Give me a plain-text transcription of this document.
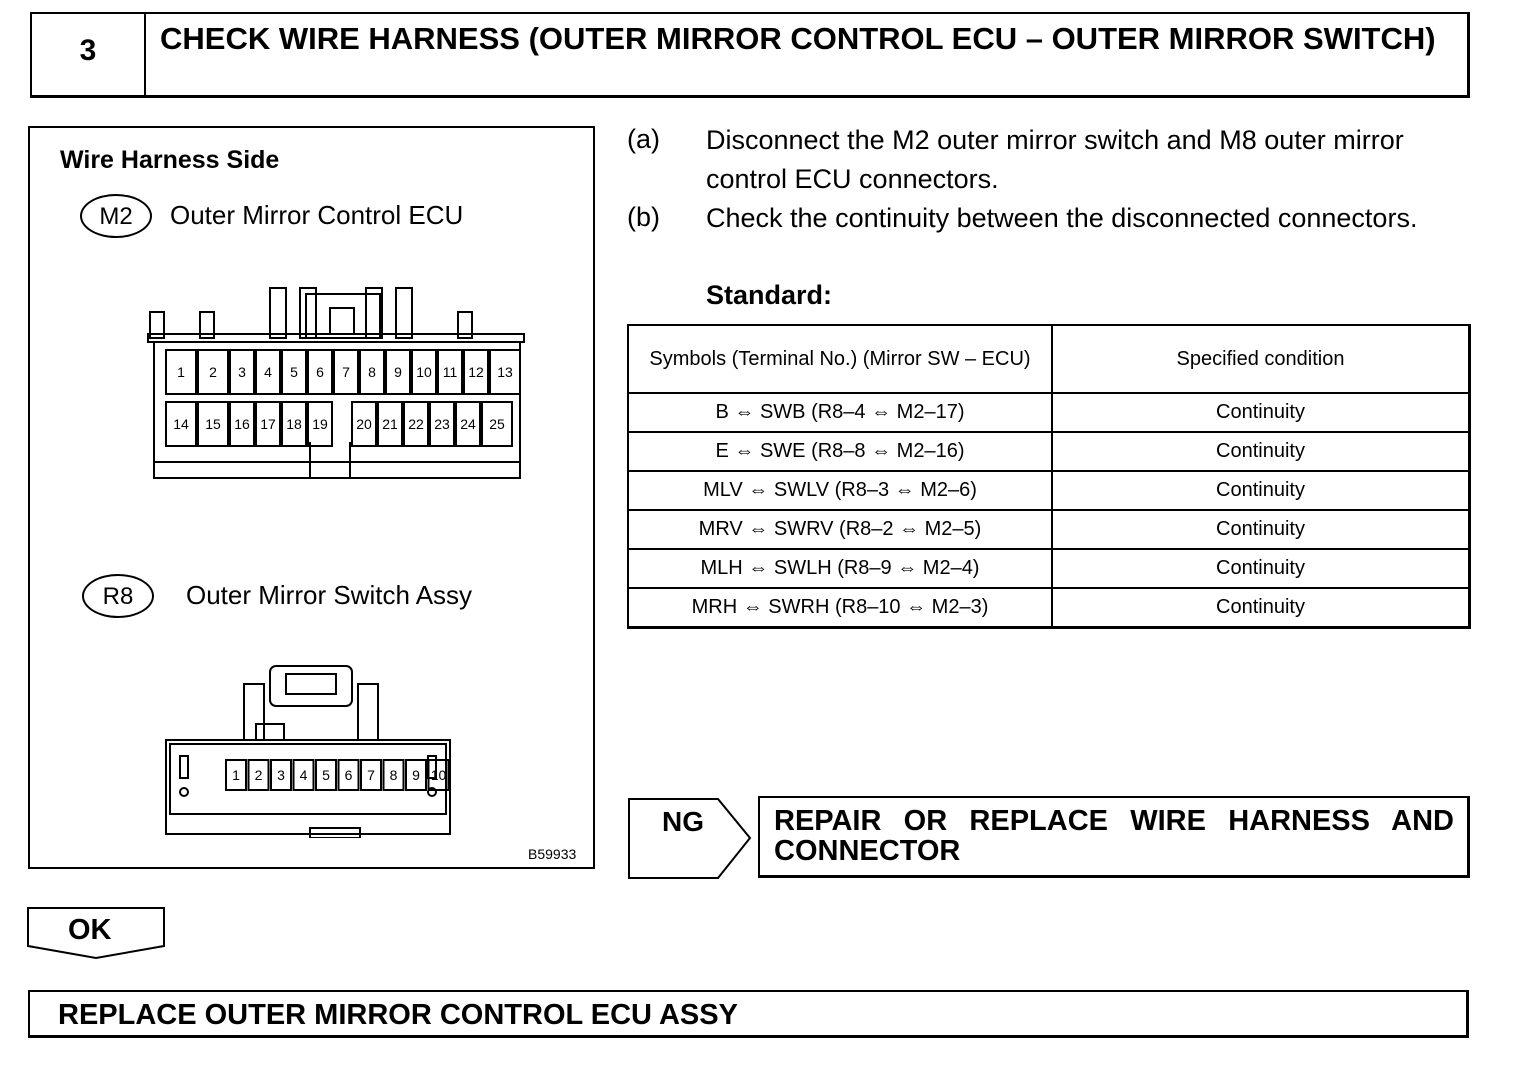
3	CHECK WIRE HARNESS (OUTER MIRROR CONTROL ECU – OUTER MIRROR SWITCH)
Wire Harness Side
M2	Outer Mirror Control ECU
1 2 3 4 5 6 7 8 9 10 11 12 13
14 15 16 17 18 19 20 21 22 23 24 25
R8	Outer Mirror Switch Assy
1 2 3 4 5 6 7 8 9 10
B59933
(a) Disconnect the M2 outer mirror switch and M8 outer mirror control ECU connectors.
(b) Check the continuity between the disconnected connectors.
Standard:
Symbols (Terminal No.) (Mirror SW – ECU)	Specified condition
B ⇔ SWB (R8–4 ⇔ M2–17)	Continuity
E ⇔ SWE (R8–8 ⇔ M2–16)	Continuity
MLV ⇔ SWLV (R8–3 ⇔ M2–6)	Continuity
MRV ⇔ SWRV (R8–2 ⇔ M2–5)	Continuity
MLH ⇔ SWLH (R8–9 ⇔ M2–4)	Continuity
MRH ⇔ SWRH (R8–10 ⇔ M2–3)	Continuity
NG REPAIR OR REPLACE WIRE HARNESS AND CONNECTOR
OK
REPLACE OUTER MIRROR CONTROL ECU ASSY
